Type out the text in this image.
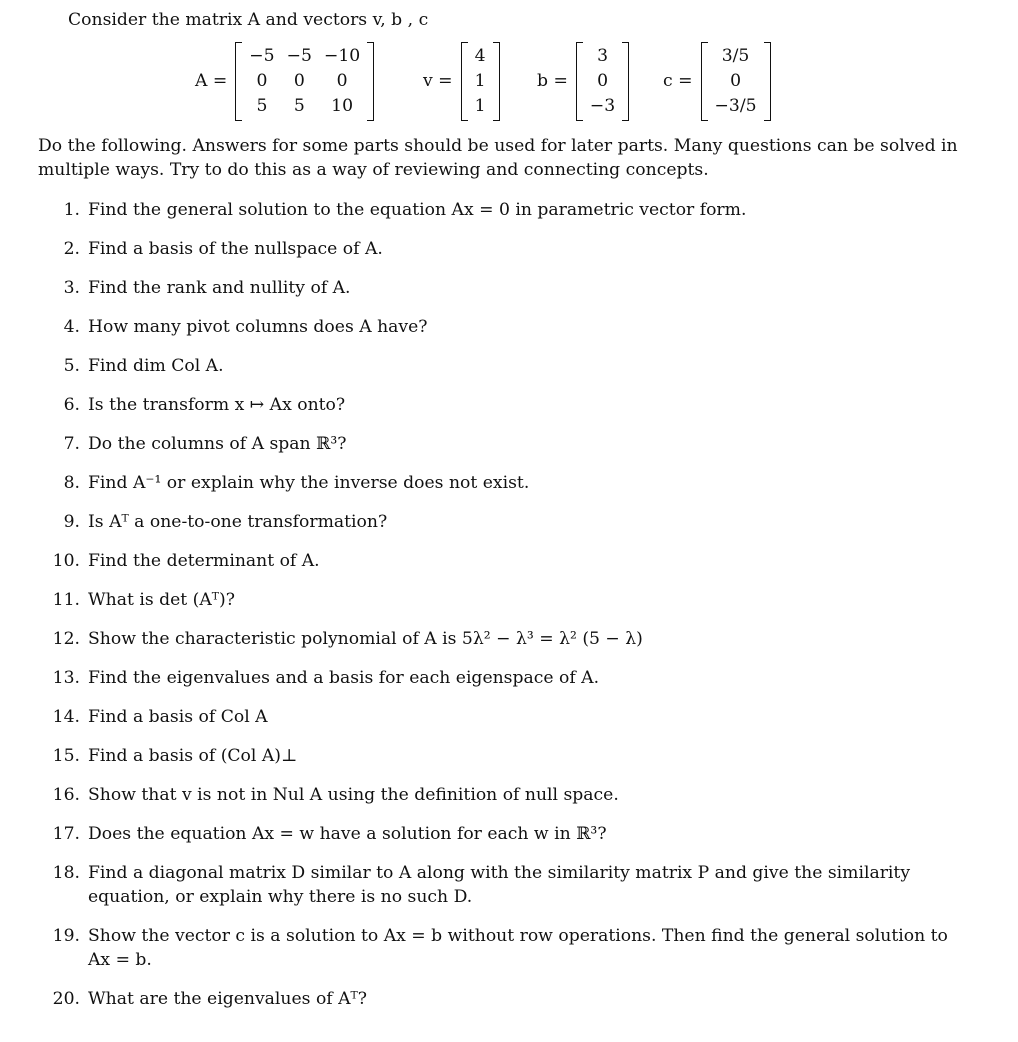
Consider the matrix A and vectors v, b , c
A =
−5	−5	−10
0	0	0
5	5	10
v =
4
1
1
b =
3
0
−3
c =
3/5
0
−3/5
Do the following. Answers for some parts should be used for later parts. Many questions can be solved in multiple ways. Try to do this as a way of reviewing and connecting concepts.
1. Find the general solution to the equation Ax = 0 in parametric vector form.
2. Find a basis of the nullspace of A.
3. Find the rank and nullity of A.
4. How many pivot columns does A have?
5. Find dim Col A.
6. Is the transform x ↦ Ax onto?
7. Do the columns of A span ℝ³?
8. Find A⁻¹ or explain why the inverse does not exist.
9. Is Aᵀ a one-to-one transformation?
10. Find the determinant of A.
11. What is det (Aᵀ)?
12. Show the characteristic polynomial of A is 5λ² − λ³ = λ² (5 − λ)
13. Find the eigenvalues and a basis for each eigenspace of A.
14. Find a basis of Col A
15. Find a basis of (Col A)⊥
16. Show that v is not in Nul A using the definition of null space.
17. Does the equation Ax = w have a solution for each w in ℝ³?
18. Find a diagonal matrix D similar to A along with the similarity matrix P and give the similarity equation, or explain why there is no such D.
19. Show the vector c is a solution to Ax = b without row operations. Then find the general solution to Ax = b.
20. What are the eigenvalues of Aᵀ?
